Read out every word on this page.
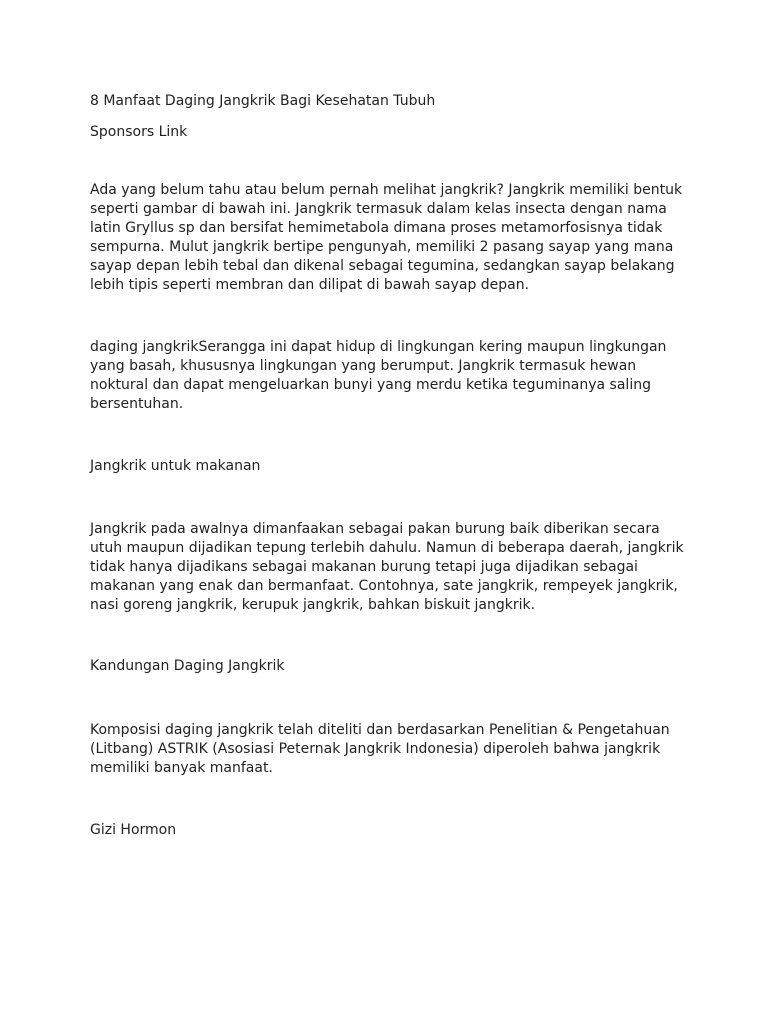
8 Manfaat Daging Jangkrik Bagi Kesehatan Tubuh
Sponsors Link
Ada yang belum tahu atau belum pernah melihat jangkrik? Jangkrik memiliki bentuk
seperti gambar di bawah ini. Jangkrik termasuk dalam kelas insecta dengan nama
latin Gryllus sp dan bersifat hemimetabola dimana proses metamorfosisnya tidak
sempurna. Mulut jangkrik bertipe pengunyah, memiliki 2 pasang sayap yang mana
sayap depan lebih tebal dan dikenal sebagai tegumina, sedangkan sayap belakang
lebih tipis seperti membran dan dilipat di bawah sayap depan.
daging jangkrikSerangga ini dapat hidup di lingkungan kering maupun lingkungan
yang basah, khususnya lingkungan yang berumput. Jangkrik termasuk hewan
noktural dan dapat mengeluarkan bunyi yang merdu ketika teguminanya saling
bersentuhan.
Jangkrik untuk makanan
Jangkrik pada awalnya dimanfaakan sebagai pakan burung baik diberikan secara
utuh maupun dijadikan tepung terlebih dahulu. Namun di beberapa daerah, jangkrik
tidak hanya dijadikans sebagai makanan burung tetapi juga dijadikan sebagai
makanan yang enak dan bermanfaat. Contohnya, sate jangkrik, rempeyek jangkrik,
nasi goreng jangkrik, kerupuk jangkrik, bahkan biskuit jangkrik.
Kandungan Daging Jangkrik
Komposisi daging jangkrik telah diteliti dan berdasarkan Penelitian & Pengetahuan
(Litbang) ASTRIK (Asosiasi Peternak Jangkrik Indonesia) diperoleh bahwa jangkrik
memiliki banyak manfaat.
Gizi Hormon
